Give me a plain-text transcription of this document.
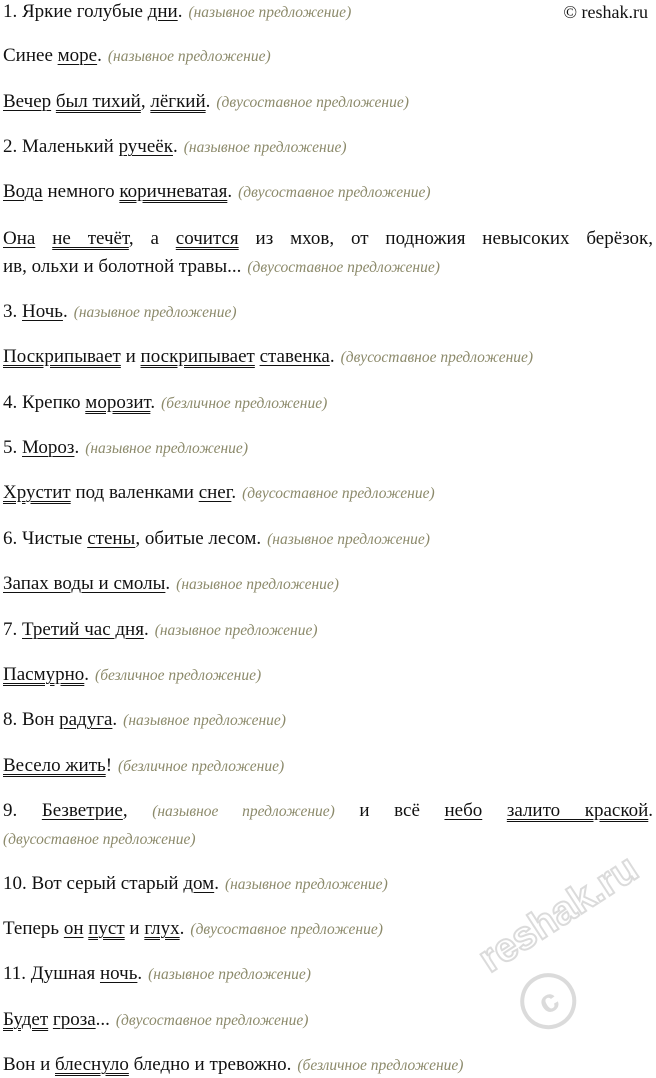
1. Яркие голубые дни. (назывное предложение)
Синее море. (назывное предложение)
Вечер был тихий, лёгкий. (двусоставное предложение)
2. Маленький ручеёк. (назывное предложение)
Вода немного коричневатая. (двусоставное предложение)
Она не течёт, а сочится из мхов, от подножия невысоких берёзок,
ив, ольхи и болотной травы... (двусоставное предложение)
3. Ночь. (назывное предложение)
Поскрипывает и поскрипывает ставенка. (двусоставное предложение)
4. Крепко морозит. (безличное предложение)
5. Мороз. (назывное предложение)
Хрустит под валенками снег. (двусоставное предложение)
6. Чистые стены, обитые лесом. (назывное предложение)
Запах воды и смолы. (назывное предложение)
7. Третий час дня. (назывное предложение)
Пасмурно. (безличное предложение)
8. Вон радуга. (назывное предложение)
Весело жить! (безличное предложение)
9. Безветрие, (назывное предложение) и всё небо залито краской.
(двусоставное предложение)
10. Вот серый старый дом. (назывное предложение)
Теперь он пуст и глух. (двусоставное предложение)
11. Душная ночь. (назывное предложение)
Будет гроза... (двусоставное предложение)
Вон и блеснуло бледно и тревожно. (безличное предложение)
© reshak.ru
c
reshak.ru
